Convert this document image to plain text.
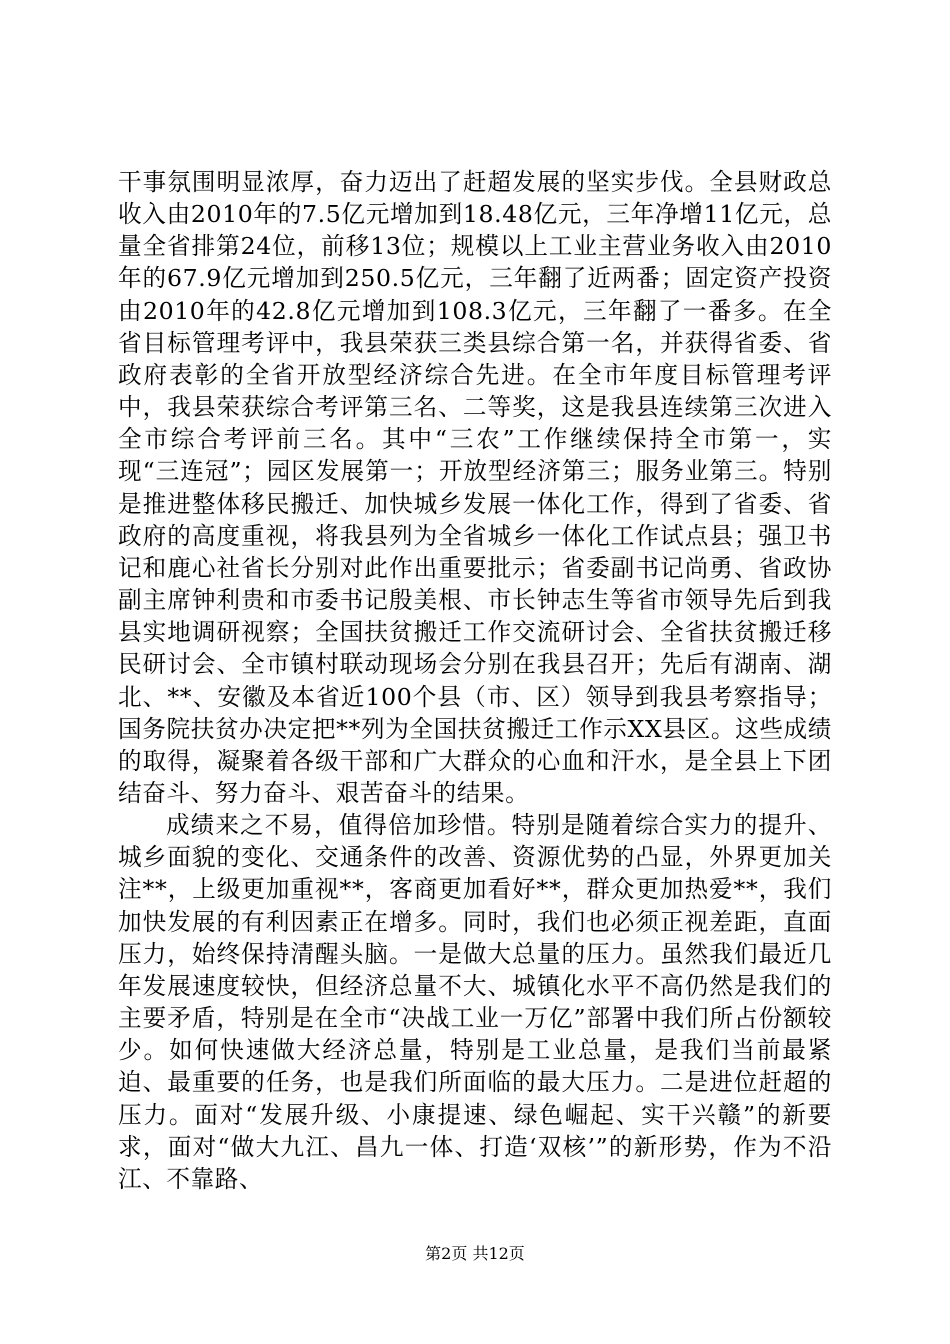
干事氛围明显浓厚，奋力迈出了赶超发展的坚实步伐。全县财政总收入由2010年的7.5亿元增加到18.48亿元，三年净增11亿元，总量全省排第24位，前移13位；规模以上工业主营业务收入由2010年的67.9亿元增加到250.5亿元，三年翻了近两番；固定资产投资由2010年的42.8亿元增加到108.3亿元，三年翻了一番多。在全省目标管理考评中，我县荣获三类县综合第一名，并获得省委、省政府表彰的全省开放型经济综合先进。在全市年度目标管理考评中，我县荣获综合考评第三名、二等奖，这是我县连续第三次进入全市综合考评前三名。其中“三农”工作继续保持全市第一，实现“三连冠”；园区发展第一；开放型经济第三；服务业第三。特别是推进整体移民搬迁、加快城乡发展一体化工作，得到了省委、省政府的高度重视，将我县列为全省城乡一体化工作试点县；强卫书记和鹿心社省长分别对此作出重要批示；省委副书记尚勇、省政协副主席钟利贵和市委书记殷美根、市长钟志生等省市领导先后到我县实地调研视察；全国扶贫搬迁工作交流研讨会、全省扶贫搬迁移民研讨会、全市镇村联动现场会分别在我县召开；先后有湖南、湖北、**、安徽及本省近100个县（市、区）领导到我县考察指导；国务院扶贫办决定把**列为全国扶贫搬迁工作示XX县区。这些成绩的取得，凝聚着各级干部和广大群众的心血和汗水，是全县上下团结奋斗、努力奋斗、艰苦奋斗的结果。

成绩来之不易，值得倍加珍惜。特别是随着综合实力的提升、城乡面貌的变化、交通条件的改善、资源优势的凸显，外界更加关注**，上级更加重视**，客商更加看好**，群众更加热爱**，我们加快发展的有利因素正在增多。同时，我们也必须正视差距，直面压力，始终保持清醒头脑。一是做大总量的压力。虽然我们最近几年发展速度较快，但经济总量不大、城镇化水平不高仍然是我们的主要矛盾，特别是在全市“决战工业一万亿”部署中我们所占份额较少。如何快速做大经济总量，特别是工业总量，是我们当前最紧迫、最重要的任务，也是我们所面临的最大压力。二是进位赶超的压力。面对“发展升级、小康提速、绿色崛起、实干兴赣”的新要求，面对“做大九江、昌九一体、打造‘双核’”的新形势，作为不沿江、不靠路、

第2页 共12页
